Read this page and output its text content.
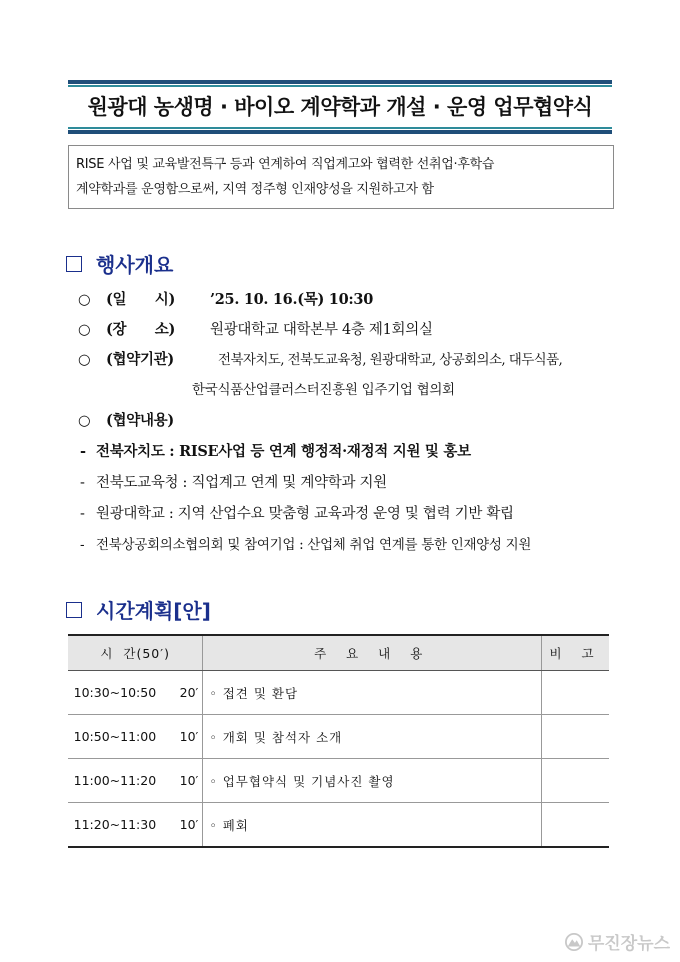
원광대 농생명 · 바이오 계약학과 개설 · 운영 업무협약식
RISE 사업 및 교육발전특구 등과 연계하여 직업계고와 협력한 선취업·후학습
계약학과를 운영함으로써, 지역 정주형 인재양성을 지원하고자 함
행사개요
○ (일      시) ’25. 10. 16.(목) 10:30
○ (장      소) 원광대학교 대학본부 4층 제1회의실
○ (협약기관)	전북자치도, 전북도교육청, 원광대학교, 상공회의소, 대두식품,
한국식품산업클러스터진흥원 입주기업 협의회
○ (협약내용)
- 전북자치도 : RISE사업 등 연계 행정적·재정적 지원 및 홍보
- 전북도교육청 : 직업계고 연계 및 계약학과 지원
- 원광대학교 : 지역 산업수요 맞춤형 교육과정 운영 및 협력 기반 확립
- 전북상공회의소협의회 및 참여기업 : 산업체 취업 연계를 통한 인재양성 지원
시간계획[안]
시  간(50′)		주 요 내 용	비 고
10:30~10:50	20′	◦ 접견 및 환담	
10:50~11:00	10′	◦ 개회 및 참석자 소개	
11:00~11:20	10′	◦ 업무협약식 및 기념사진 촬영	
11:20~11:30	10′	◦ 폐회	
무진장뉴스
